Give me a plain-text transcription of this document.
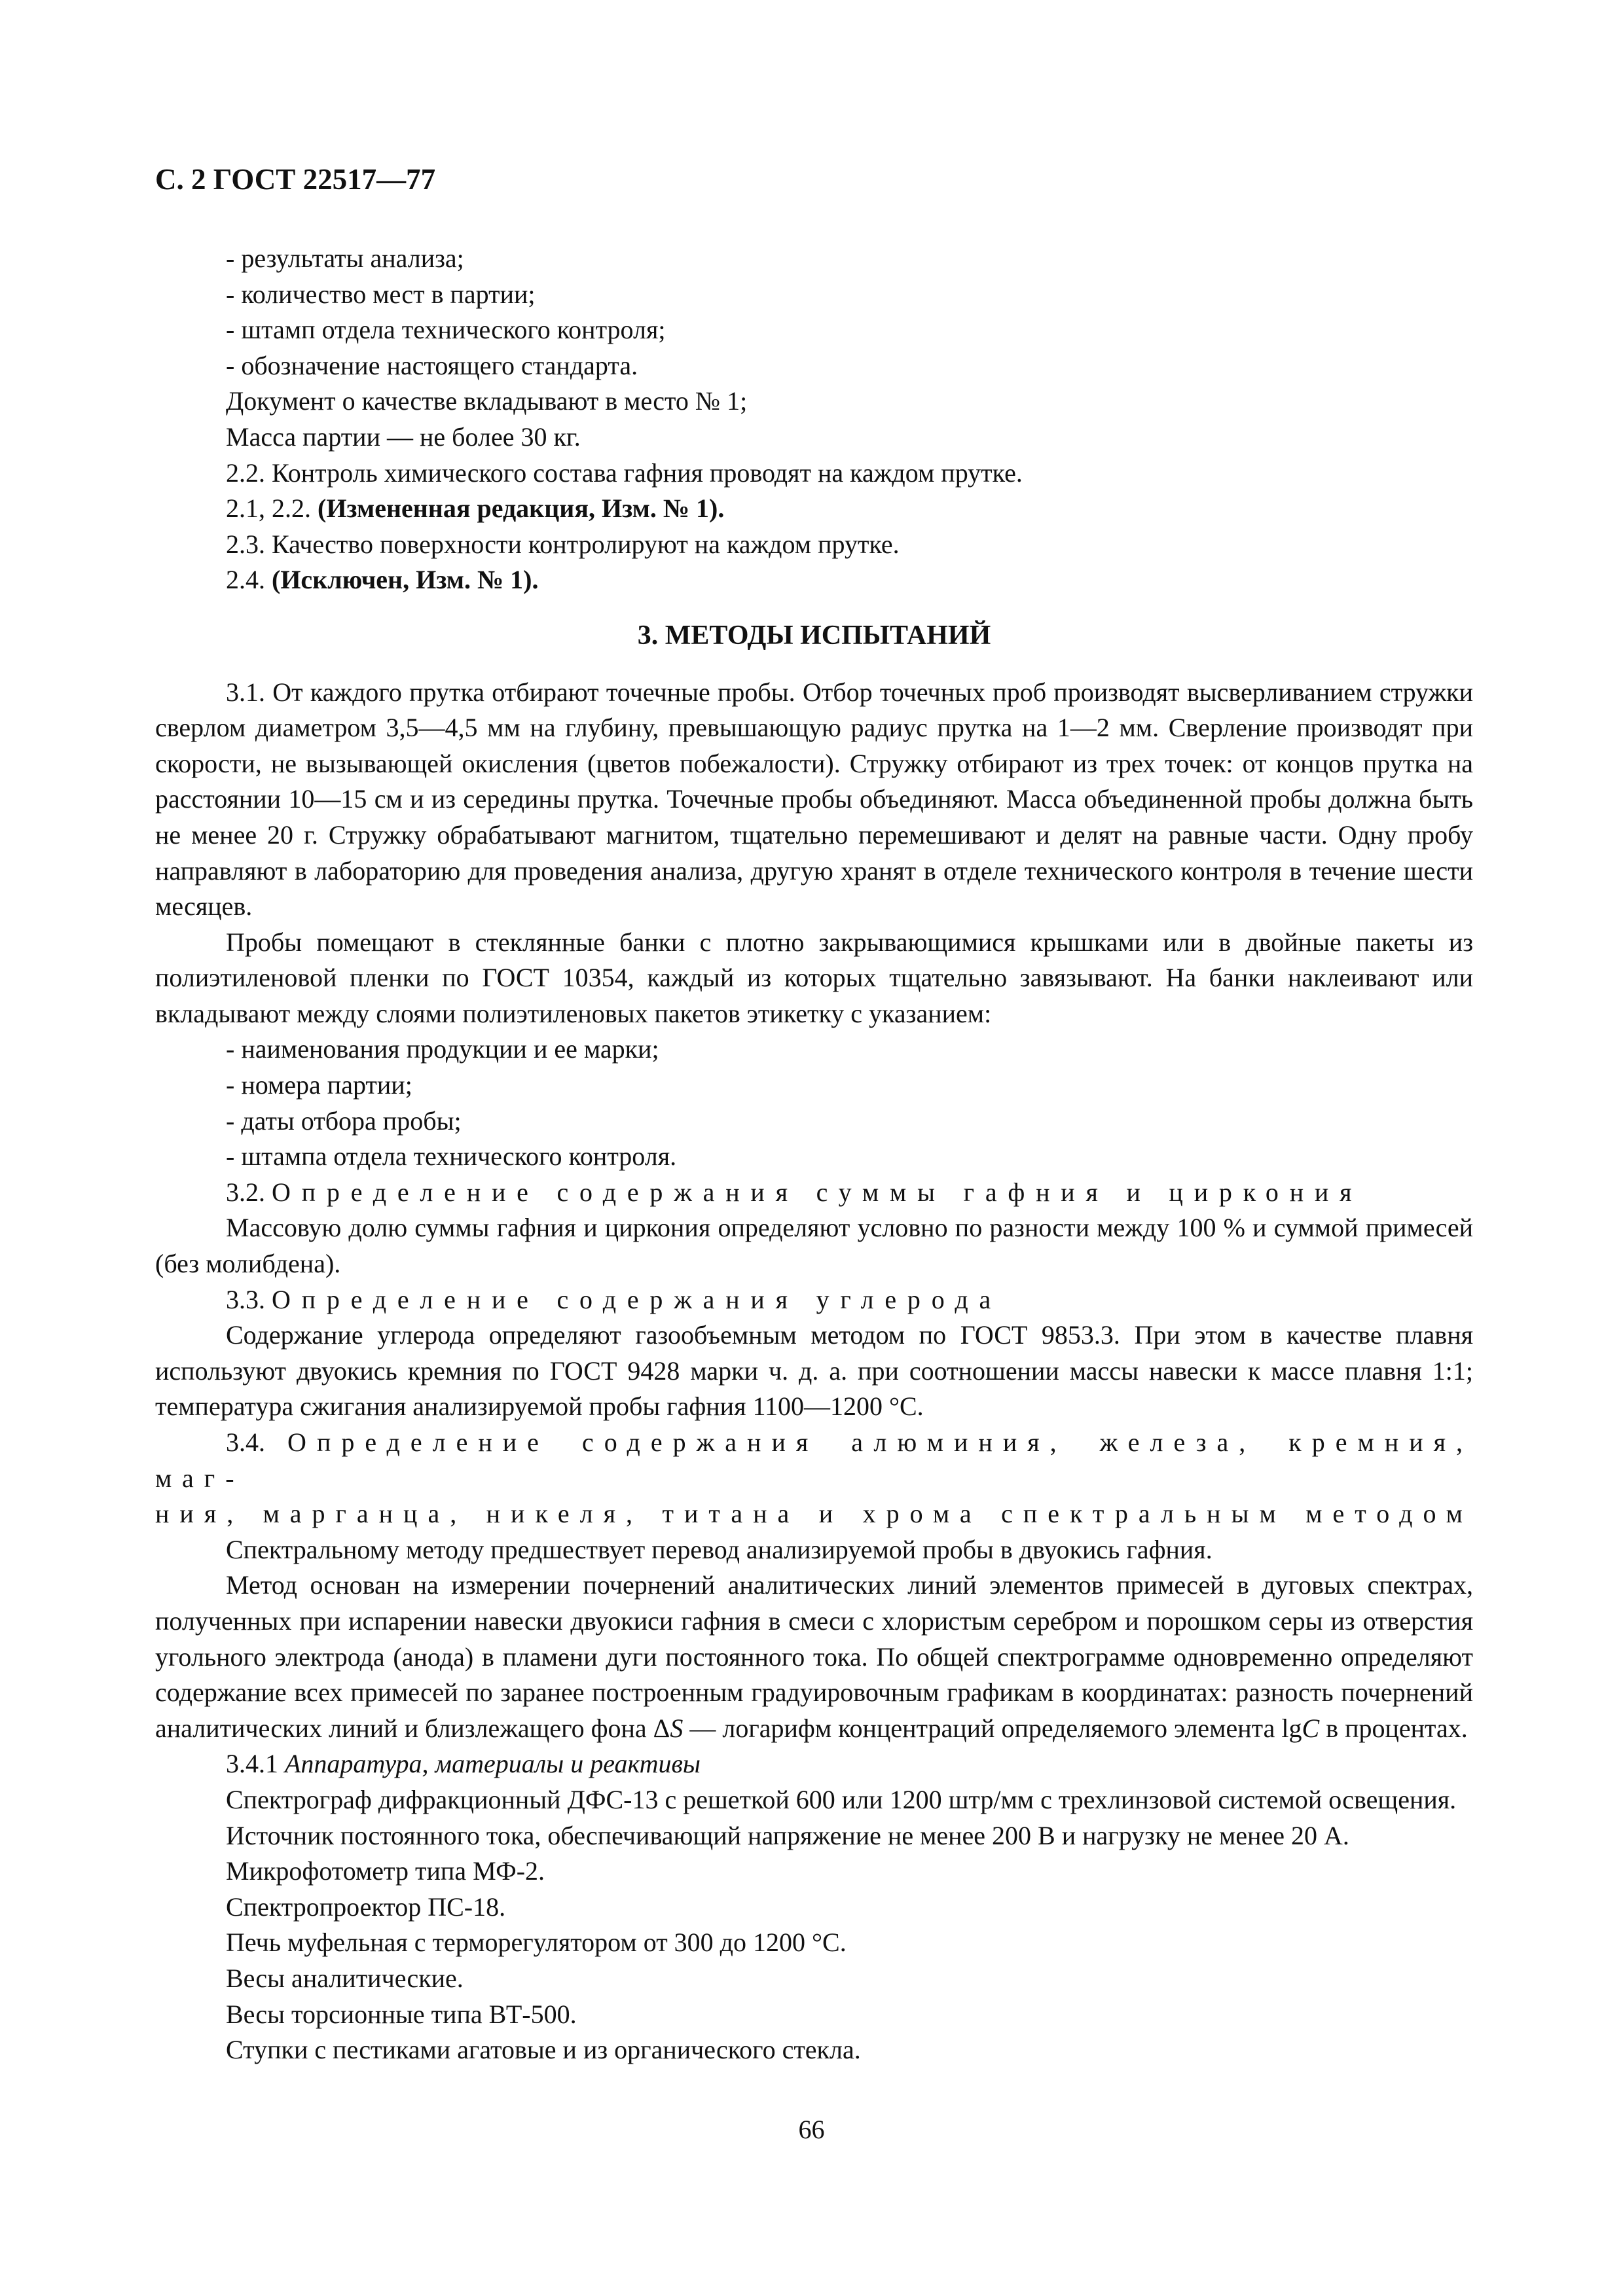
С. 2 ГОСТ 22517—77

- результаты анализа;

- количество мест в партии;

- штамп отдела технического контроля;

- обозначение настоящего стандарта.

Документ о качестве вкладывают в место № 1;

Масса партии — не более 30 кг.

2.2. Контроль химического состава гафния проводят на каждом прутке.

2.1, 2.2. (Измененная редакция, Изм. № 1).

2.3. Качество поверхности контролируют на каждом прутке.

2.4. (Исключен, Изм. № 1).

3. МЕТОДЫ ИСПЫТАНИЙ

3.1. От каждого прутка отбирают точечные пробы. Отбор точечных проб производят высверливанием стружки сверлом диаметром 3,5—4,5 мм на глубину, превышающую радиус прутка на 1—2 мм. Сверление производят при скорости, не вызывающей окисления (цветов побежалости). Стружку отбирают из трех точек: от концов прутка на расстоянии 10—15 см и из середины прутка. Точечные пробы объединяют. Масса объединенной пробы должна быть не менее 20 г. Стружку обрабатывают магнитом, тщательно перемешивают и делят на равные части. Одну пробу направляют в лабораторию для проведения анализа, другую хранят в отделе технического контроля в течение шести месяцев.

Пробы помещают в стеклянные банки с плотно закрывающимися крышками или в двойные пакеты из полиэтиленовой пленки по ГОСТ 10354, каждый из которых тщательно завязывают. На банки наклеивают или вкладывают между слоями полиэтиленовых пакетов этикетку с указанием:

- наименования продукции и ее марки;

- номера партии;

- даты отбора пробы;

- штампа отдела технического контроля.

3.2. Определение содержания суммы гафния и циркония

Массовую долю суммы гафния и циркония определяют условно по разности между 100 % и суммой примесей (без молибдена).

3.3. Определение содержания углерода

Содержание углерода определяют газообъемным методом по ГОСТ 9853.3. При этом в качестве плавня используют двуокись кремния по ГОСТ 9428 марки ч. д. а. при соотношении массы навески к массе плавня 1:1; температура сжигания анализируемой пробы гафния 1100—1200 °С.

3.4. Определение содержания алюминия, железа, кремния, маг-

ния, марганца, никеля, титана и хрома спектральным методом

Спектральному методу предшествует перевод анализируемой пробы в двуокись гафния.

Метод основан на измерении почернений аналитических линий элементов примесей в дуговых спектрах, полученных при испарении навески двуокиси гафния в смеси с хлористым серебром и порошком серы из отверстия угольного электрода (анода) в пламени дуги постоянного тока. По общей спектрограмме одновременно определяют содержание всех примесей по заранее построенным градуировочным графикам в координатах: разность почернений аналитических линий и близлежащего фона ΔS — логарифм концентраций определяемого элемента lgC в процентах.

3.4.1 Аппаратура, материалы и реактивы

Спектрограф дифракционный ДФС-13 с решеткой 600 или 1200 штр/мм с трехлинзовой системой освещения.

Источник постоянного тока, обеспечивающий напряжение не менее 200 В и нагрузку не менее 20 А.

Микрофотометр типа МФ-2.

Спектропроектор ПС-18.

Печь муфельная с терморегулятором от 300 до 1200 °С.

Весы аналитические.

Весы торсионные типа ВТ-500.

Ступки с пестиками агатовые и из органического стекла.

66
